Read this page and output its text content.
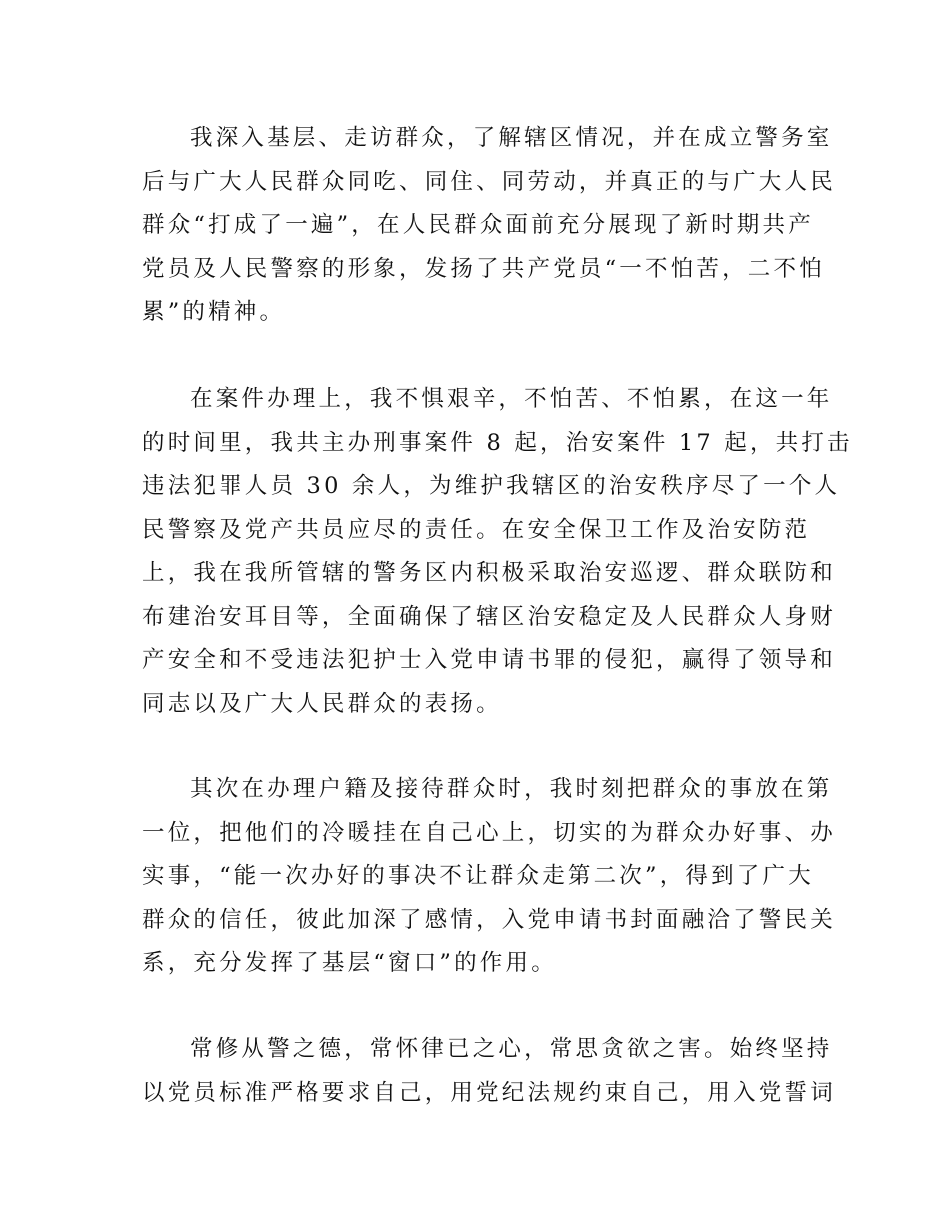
我深入基层、走访群众，了解辖区情况，并在成立警务室
后与广大人民群众同吃、同住、同劳动，并真正的与广大人民
群众“打成了一遍”，在人民群众面前充分展现了新时期共产
党员及人民警察的形象，发扬了共产党员“一不怕苦，二不怕
累”的精神。
在案件办理上，我不惧艰辛，不怕苦、不怕累，在这一年
的时间里，我共主办刑事案件 8 起，治安案件 17 起，共打击
违法犯罪人员 30 余人，为维护我辖区的治安秩序尽了一个人
民警察及党产共员应尽的责任。在安全保卫工作及治安防范
上，我在我所管辖的警务区内积极采取治安巡逻、群众联防和
布建治安耳目等，全面确保了辖区治安稳定及人民群众人身财
产安全和不受违法犯护士入党申请书罪的侵犯，赢得了领导和
同志以及广大人民群众的表扬。
其次在办理户籍及接待群众时，我时刻把群众的事放在第
一位，把他们的冷暖挂在自己心上，切实的为群众办好事、办
实事，“能一次办好的事决不让群众走第二次”，得到了广大
群众的信任，彼此加深了感情，入党申请书封面融洽了警民关
系，充分发挥了基层“窗口”的作用。
常修从警之德，常怀律已之心，常思贪欲之害。始终坚持
以党员标准严格要求自己，用党纪法规约束自己，用入党誓词
